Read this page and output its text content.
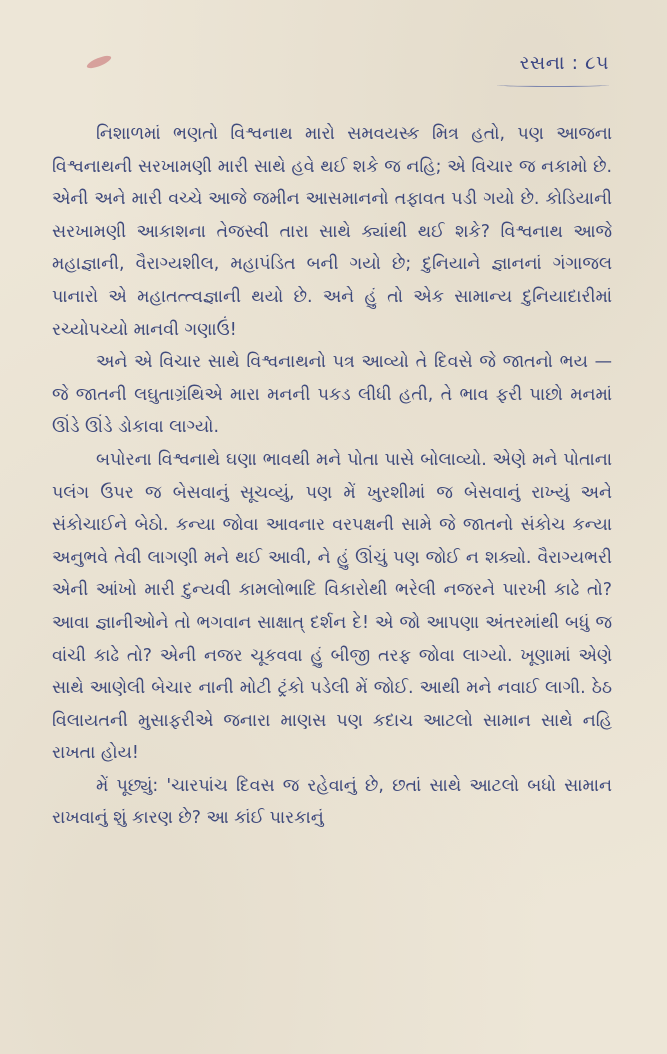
રસના : ૮૫

નિશાળમાં ભણતો વિશ્વનાથ મારો સમવયસ્ક મિત્ર હતો, પણ આજના વિશ્વનાથની સરખામણી મારી સાથે હવે થઈ શકે જ નહિ; એ વિચાર જ નકામો છે. એની અને મારી વચ્ચે આજે જમીન આસમાનનો તફાવત પડી ગયો છે. કોડિયાની સરખામણી આકાશના તેજસ્વી તારા સાથે ક્યાંથી થઈ શકે? વિશ્વનાથ આજે મહાજ્ઞાની, વૈરાગ્યશીલ, મહાપંડિત બની ગયો છે; દુનિયાને જ્ઞાનનાં ગંગાજલ પાનારો એ મહાતત્ત્વજ્ઞાની થયો છે. અને હું તો એક સામાન્ય દુનિયાદારીમાં રચ્યોપચ્યો માનવી ગણાઉં!

અને એ વિચાર સાથે વિશ્વનાથનો પત્ર આવ્યો તે દિવસે જે જાતનો ભય — જે જાતની લઘુતાગ્રંથિએ મારા મનની પકડ લીધી હતી, તે ભાવ ફરી પાછો મનમાં ઊંડે ઊંડે ડોકાવા લાગ્યો.

બપોરના વિશ્વનાથે ઘણા ભાવથી મને પોતા પાસે બોલાવ્યો. એણે મને પોતાના પલંગ ઉપર જ બેસવાનું સૂચવ્યું, પણ મેં ખુરશીમાં જ બેસવાનું રાખ્યું અને સંકોચાઈને બેઠો. કન્યા જોવા આવનાર વરપક્ષની સામે જે જાતનો સંકોચ કન્યા અનુભવે તેવી લાગણી મને થઈ આવી, ને હું ઊંચું પણ જોઈ ન શક્યો. વૈરાગ્યભરી એની આંખો મારી દુન્યવી કામલોભાદિ વિકારોથી ભરેલી નજરને પારખી કાઢે તો? આવા જ્ઞાનીઓને તો ભગવાન સાક્ષાત્ દર્શન દે! એ જો આપણા અંતરમાંથી બધું જ વાંચી કાઢે તો? એની નજર ચૂકવવા હું બીજી તરફ જોવા લાગ્યો. ખૂણામાં એણે સાથે આણેલી બેચાર નાની મોટી ટ્રંકો પડેલી મેં જોઈ. આથી મને નવાઈ લાગી. ઠેઠ વિલાયતની મુસાફરીએ જનારા માણસ પણ કદાચ આટલો સામાન સાથે નહિ રાખતા હોય!

મેં પૂછ્યું: 'ચારપાંચ દિવસ જ રહેવાનું છે, છતાં સાથે આટલો બધો સામાન રાખવાનું શું કારણ છે? આ કાંઈ પારકાનું
